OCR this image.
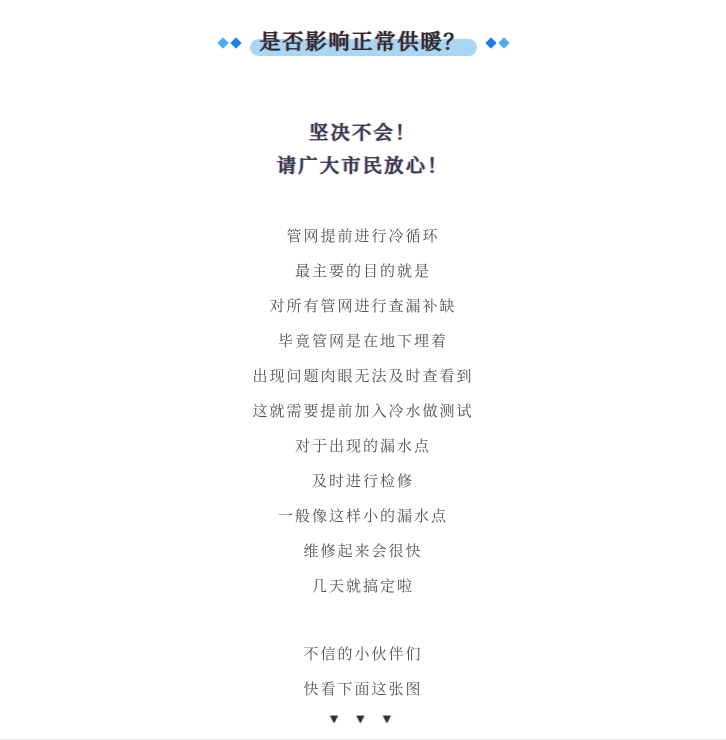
是否影响正常供暖？

坚决不会！

请广大市民放心！

管网提前进行冷循环

最主要的目的就是

对所有管网进行查漏补缺

毕竟管网是在地下埋着

出现问题肉眼无法及时查看到

这就需要提前加入冷水做测试

对于出现的漏水点

及时进行检修

一般像这样小的漏水点

维修起来会很快

几天就搞定啦

不信的小伙伴们

快看下面这张图

▼ ▼ ▼
